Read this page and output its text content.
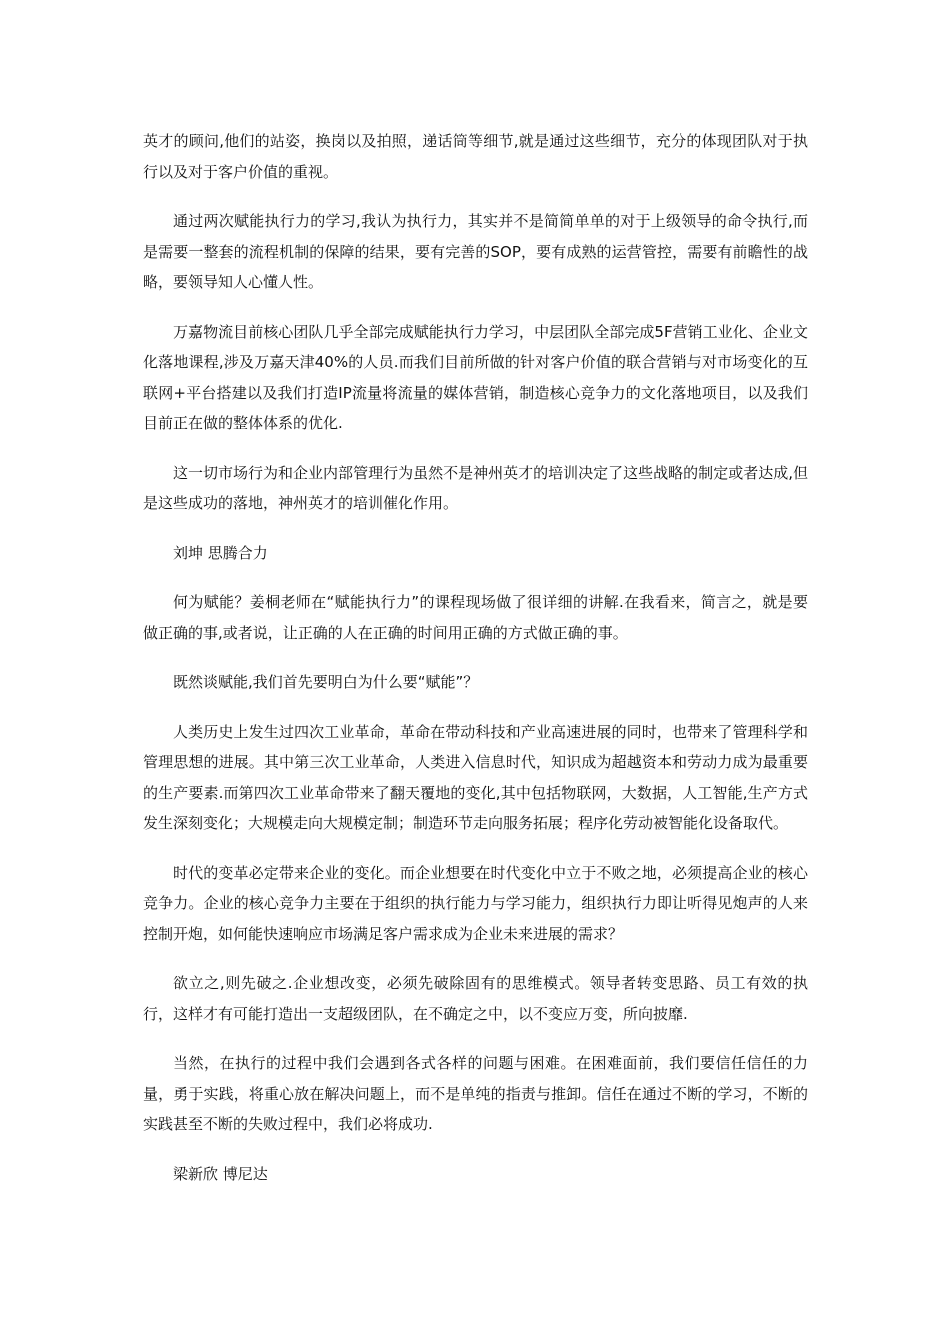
英才的顾问,他们的站姿，换岗以及拍照，递话筒等细节,就是通过这些细节，充分的体现团队对于执行以及对于客户价值的重视。

通过两次赋能执行力的学习,我认为执行力，其实并不是简简单单的对于上级领导的命令执行,而是需要一整套的流程机制的保障的结果，要有完善的SOP，要有成熟的运营管控，需要有前瞻性的战略，要领导知人心懂人性。

万嘉物流目前核心团队几乎全部完成赋能执行力学习，中层团队全部完成5F营销工业化、企业文化落地课程,涉及万嘉天津40%的人员.而我们目前所做的针对客户价值的联合营销与对市场变化的互联网+平台搭建以及我们打造IP流量将流量的媒体营销，制造核心竞争力的文化落地项目，以及我们目前正在做的整体体系的优化.

这一切市场行为和企业内部管理行为虽然不是神州英才的培训决定了这些战略的制定或者达成,但是这些成功的落地，神州英才的培训催化作用。

刘坤 思腾合力

何为赋能？姜桐老师在“赋能执行力”的课程现场做了很详细的讲解.在我看来，简言之，就是要做正确的事,或者说，让正确的人在正确的时间用正确的方式做正确的事。

既然谈赋能,我们首先要明白为什么要“赋能”？

人类历史上发生过四次工业革命，革命在带动科技和产业高速进展的同时，也带来了管理科学和管理思想的进展。其中第三次工业革命，人类进入信息时代，知识成为超越资本和劳动力成为最重要的生产要素.而第四次工业革命带来了翻天覆地的变化,其中包括物联网，大数据，人工智能,生产方式发生深刻变化；大规模走向大规模定制；制造环节走向服务拓展；程序化劳动被智能化设备取代。

时代的变革必定带来企业的变化。而企业想要在时代变化中立于不败之地，必须提高企业的核心竞争力。企业的核心竞争力主要在于组织的执行能力与学习能力，组织执行力即让听得见炮声的人来控制开炮，如何能快速响应市场满足客户需求成为企业未来进展的需求？

欲立之,则先破之.企业想改变，必须先破除固有的思维模式。领导者转变思路、员工有效的执行，这样才有可能打造出一支超级团队，在不确定之中，以不变应万变，所向披靡.

当然，在执行的过程中我们会遇到各式各样的问题与困难。在困难面前，我们要信任信任的力量，勇于实践，将重心放在解决问题上，而不是单纯的指责与推卸。信任在通过不断的学习，不断的实践甚至不断的失败过程中，我们必将成功.

梁新欣 博尼达
